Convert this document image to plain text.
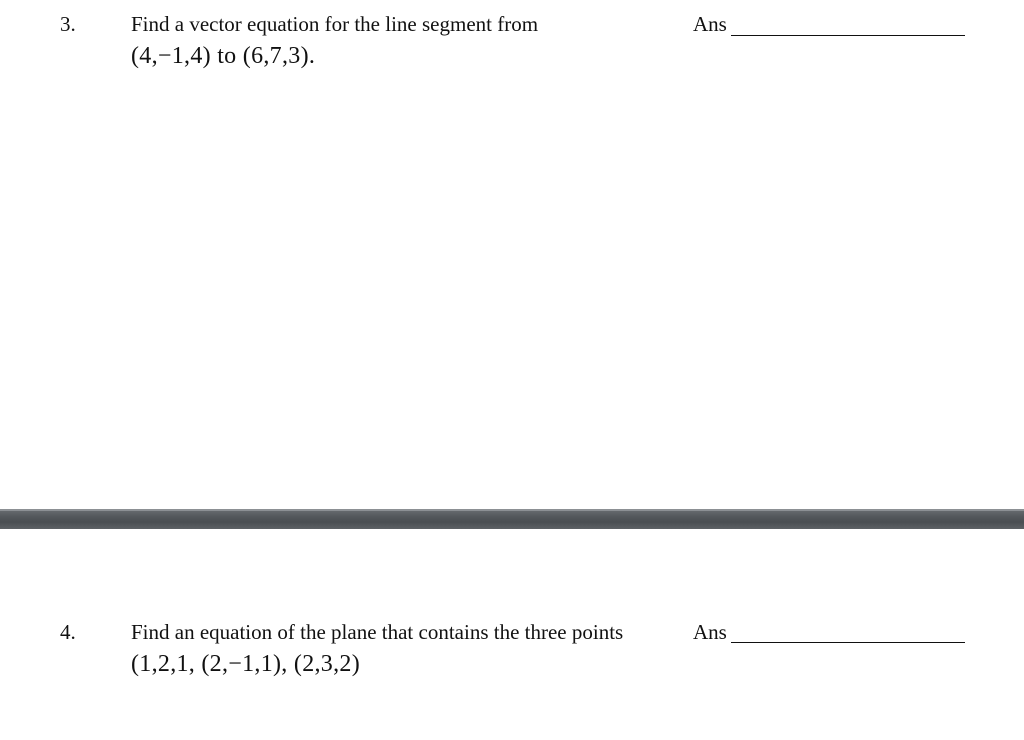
3.	Find a vector equation for the line segment from
(4,−1,4) to (6,7,3).
Ans
4.	Find an equation of the plane that contains the three points
(1,2,1, (2,−1,1), (2,3,2)
Ans
